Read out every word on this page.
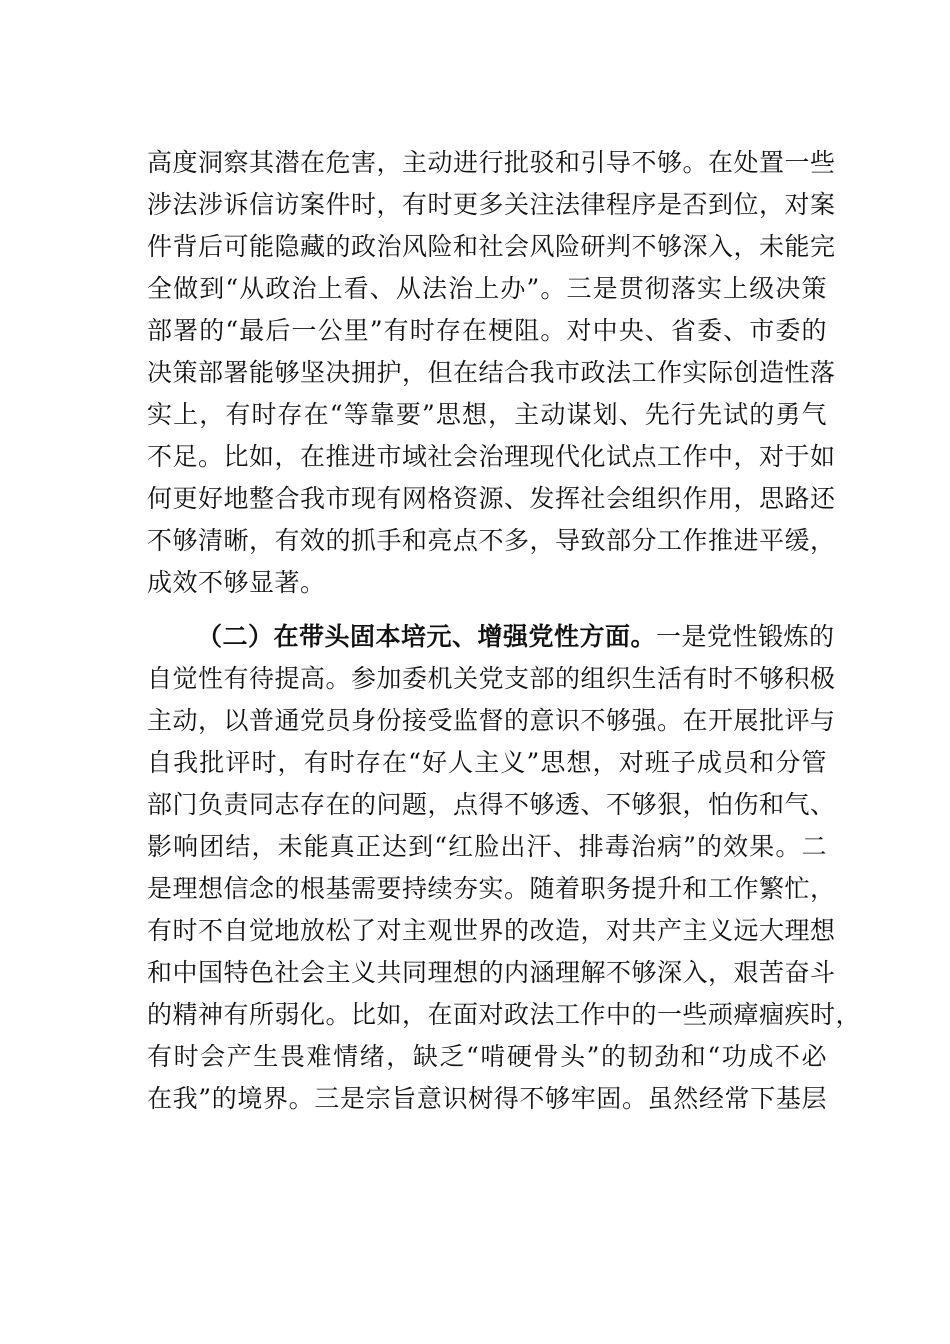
高度洞察其潜在危害，主动进行批驳和引导不够。在处置一些
涉法涉诉信访案件时，有时更多关注法律程序是否到位，对案
件背后可能隐藏的政治风险和社会风险研判不够深入，未能完
全做到“从政治上看、从法治上办”。三是贯彻落实上级决策
部署的“最后一公里”有时存在梗阻。对中央、省委、市委的
决策部署能够坚决拥护，但在结合我市政法工作实际创造性落
实上，有时存在“等靠要”思想，主动谋划、先行先试的勇气
不足。比如，在推进市域社会治理现代化试点工作中，对于如
何更好地整合我市现有网格资源、发挥社会组织作用，思路还
不够清晰，有效的抓手和亮点不多，导致部分工作推进平缓，
成效不够显著。
（二）在带头固本培元、增强党性方面。一是党性锻炼的
自觉性有待提高。参加委机关党支部的组织生活有时不够积极
主动，以普通党员身份接受监督的意识不够强。在开展批评与
自我批评时，有时存在“好人主义”思想，对班子成员和分管
部门负责同志存在的问题，点得不够透、不够狠，怕伤和气、
影响团结，未能真正达到“红脸出汗、排毒治病”的效果。二
是理想信念的根基需要持续夯实。随着职务提升和工作繁忙，
有时不自觉地放松了对主观世界的改造，对共产主义远大理想
和中国特色社会主义共同理想的内涵理解不够深入，艰苦奋斗
的精神有所弱化。比如，在面对政法工作中的一些顽瘴痼疾时，
有时会产生畏难情绪，缺乏“啃硬骨头”的韧劲和“功成不必
在我”的境界。三是宗旨意识树得不够牢固。虽然经常下基层
